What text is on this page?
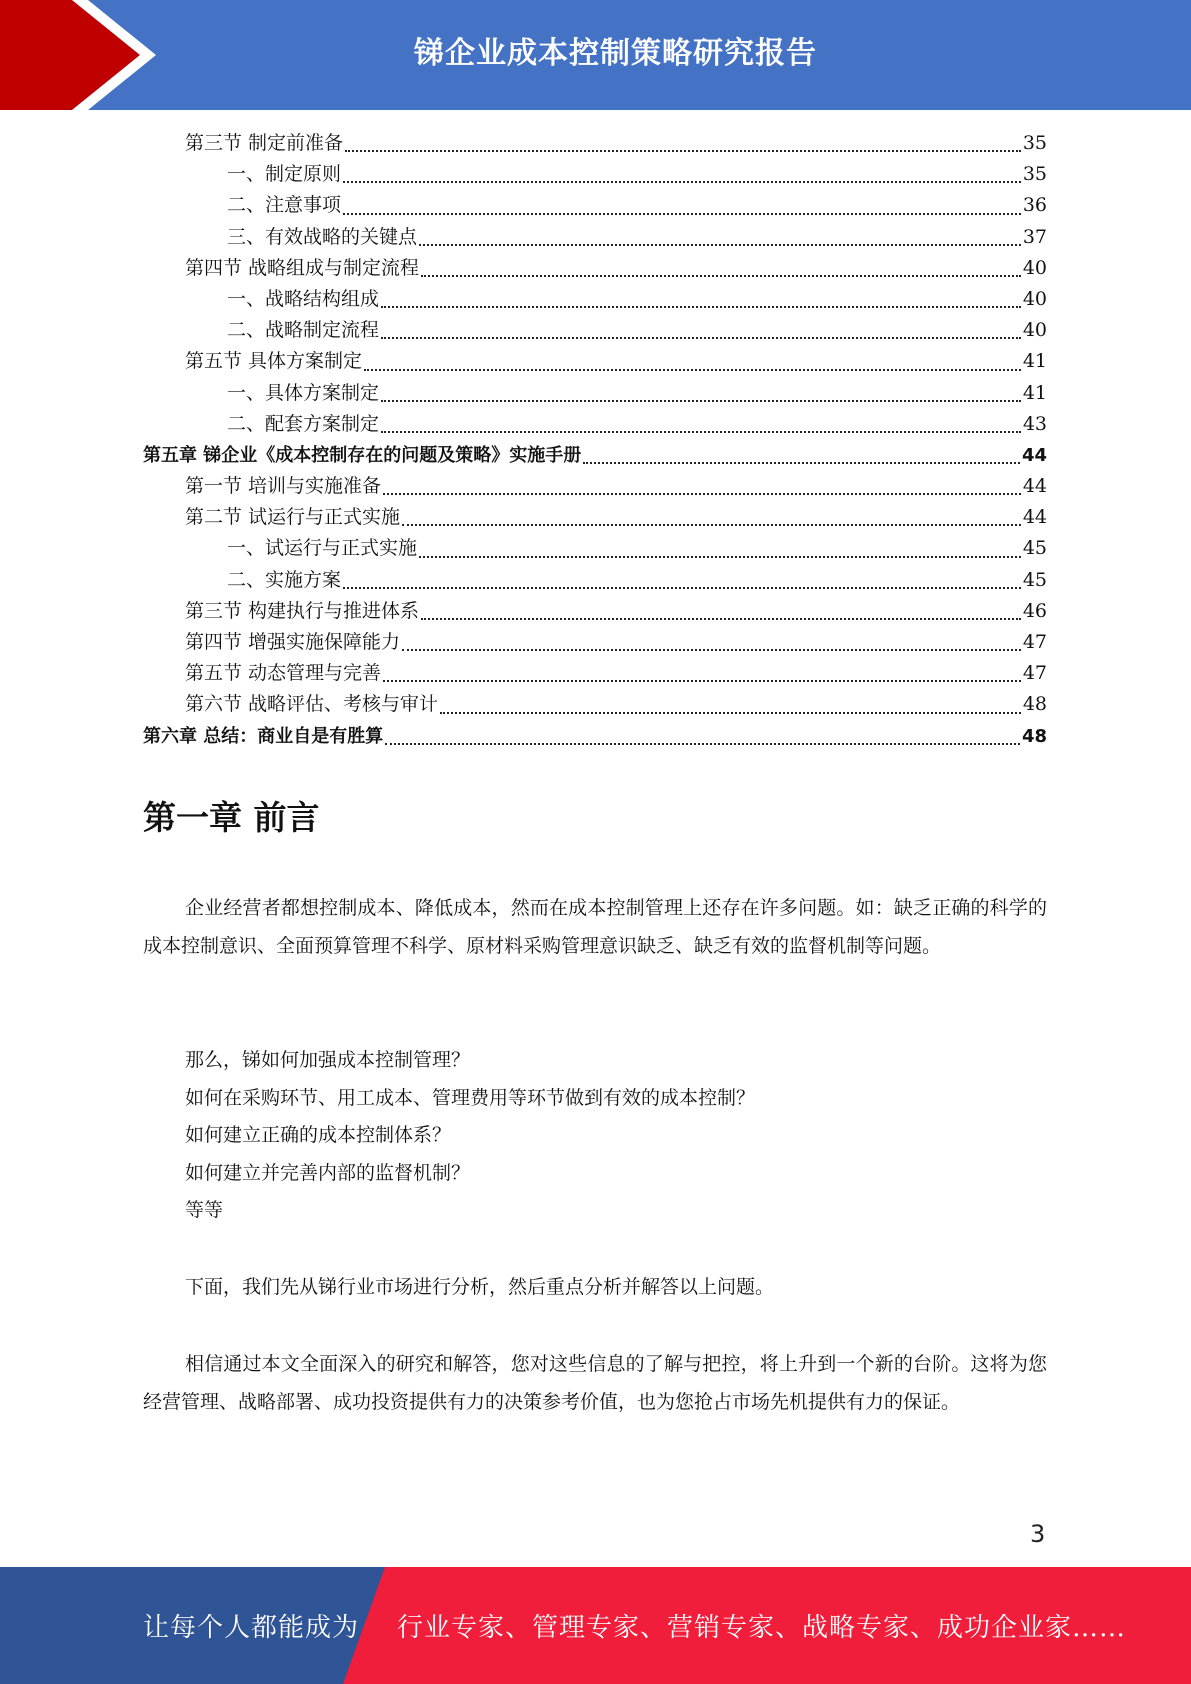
锑企业成本控制策略研究报告
第三节 制定前准备	35
一、制定原则	35
二、注意事项	36
三、有效战略的关键点	37
第四节 战略组成与制定流程	40
一、战略结构组成	40
二、战略制定流程	40
第五节 具体方案制定	41
一、具体方案制定	41
二、配套方案制定	43
第五章 锑企业《成本控制存在的问题及策略》实施手册	44
第一节 培训与实施准备	44
第二节 试运行与正式实施	44
一、试运行与正式实施	45
二、实施方案	45
第三节 构建执行与推进体系	46
第四节 增强实施保障能力	47
第五节 动态管理与完善	47
第六节 战略评估、考核与审计	48
第六章 总结：商业自是有胜算	48
第一章 前言

企业经营者都想控制成本、降低成本，然而在成本控制管理上还存在许多问题。如：缺乏正确的科学的成本控制意识、全面预算管理不科学、原材料采购管理意识缺乏、缺乏有效的监督机制等问题。

那么，锑如何加强成本控制管理？

如何在采购环节、用工成本、管理费用等环节做到有效的成本控制？

如何建立正确的成本控制体系？

如何建立并完善内部的监督机制？

等等

下面，我们先从锑行业市场进行分析，然后重点分析并解答以上问题。

相信通过本文全面深入的研究和解答，您对这些信息的了解与把控，将上升到一个新的台阶。这将为您经营管理、战略部署、成功投资提供有力的决策参考价值，也为您抢占市场先机提供有力的保证。

3
让每个人都能成为 行业专家、管理专家、营销专家、战略专家、成功企业家……
